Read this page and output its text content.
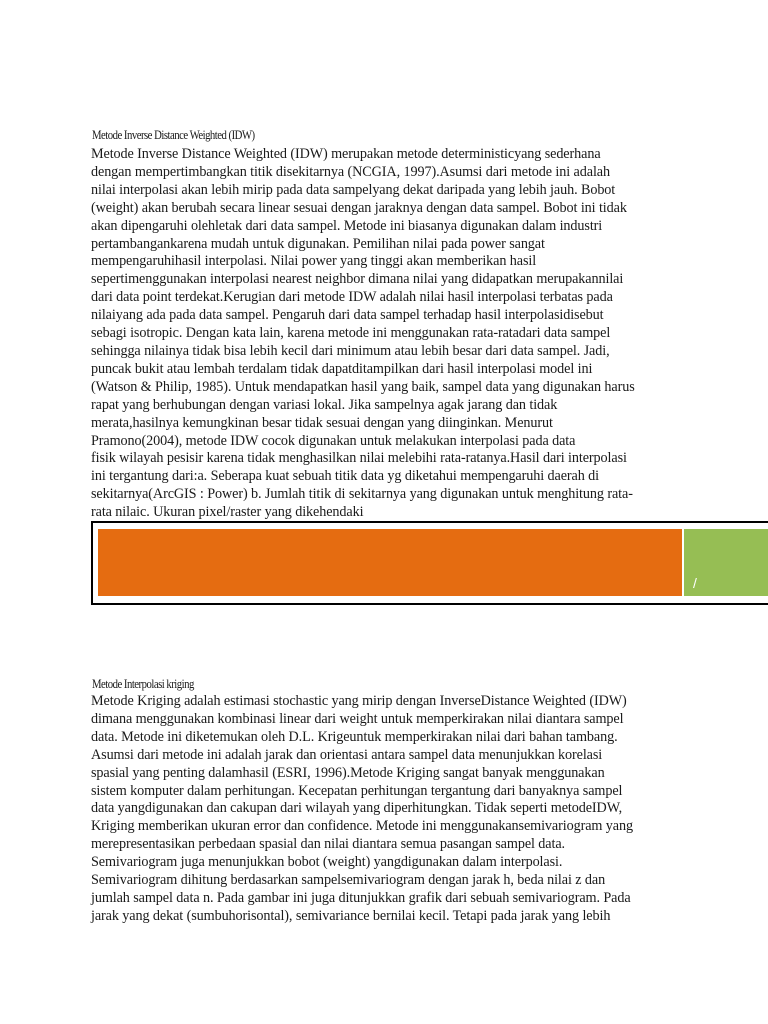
Metode Inverse Distance Weighted (IDW)
Metode Inverse Distance Weighted (IDW) merupakan metode deterministicyang sederhana
dengan mempertimbangkan titik disekitarnya (NCGIA, 1997).Asumsi dari metode ini adalah
nilai interpolasi akan lebih mirip pada data sampelyang dekat daripada yang lebih jauh. Bobot
(weight) akan berubah secara linear sesuai dengan jaraknya dengan data sampel. Bobot ini tidak
akan dipengaruhi olehletak dari data sampel. Metode ini biasanya digunakan dalam industri
pertambangankarena mudah untuk digunakan. Pemilihan nilai pada power sangat
mempengaruhihasil interpolasi. Nilai power yang tinggi akan memberikan hasil
sepertimenggunakan interpolasi nearest neighbor dimana nilai yang didapatkan merupakannilai
dari data point terdekat.Kerugian dari metode IDW adalah nilai hasil interpolasi terbatas pada
nilaiyang ada pada data sampel. Pengaruh dari data sampel terhadap hasil interpolasidisebut
sebagi isotropic. Dengan kata lain, karena metode ini menggunakan rata-ratadari data sampel
sehingga nilainya tidak bisa lebih kecil dari minimum atau lebih besar dari data sampel. Jadi,
puncak bukit atau lembah terdalam tidak dapatditampilkan dari hasil interpolasi model ini
(Watson & Philip, 1985). Untuk mendapatkan hasil yang baik, sampel data yang digunakan harus
rapat yang berhubungan dengan variasi lokal. Jika sampelnya agak jarang dan tidak
merata,hasilnya kemungkinan besar tidak sesuai dengan yang diinginkan. Menurut
Pramono(2004), metode IDW cocok digunakan untuk melakukan interpolasi pada data
fisik wilayah pesisir karena tidak menghasilkan nilai melebihi rata-ratanya.Hasil dari interpolasi
ini tergantung dari:a. Seberapa kuat sebuah titik data yg diketahui mempengaruhi daerah di
sekitarnya(ArcGIS : Power) b. Jumlah titik di sekitarnya yang digunakan untuk menghitung rata-
rata nilaic. Ukuran pixel/raster yang dikehendaki
/
Metode Interpolasi kriging
Metode Kriging adalah estimasi stochastic yang mirip dengan InverseDistance Weighted (IDW)
dimana menggunakan kombinasi linear dari weight untuk memperkirakan nilai diantara sampel
data. Metode ini diketemukan oleh D.L. Krigeuntuk memperkirakan nilai dari bahan tambang.
Asumsi dari metode ini adalah jarak dan orientasi antara sampel data menunjukkan korelasi
spasial yang penting dalamhasil (ESRI, 1996).Metode Kriging sangat banyak menggunakan
sistem komputer dalam perhitungan. Kecepatan perhitungan tergantung dari banyaknya sampel
data yangdigunakan dan cakupan dari wilayah yang diperhitungkan. Tidak seperti metodeIDW,
Kriging memberikan ukuran error dan confidence. Metode ini menggunakansemivariogram yang
merepresentasikan perbedaan spasial dan nilai diantara semua pasangan sampel data.
Semivariogram juga menunjukkan bobot (weight) yangdigunakan dalam interpolasi.
Semivariogram dihitung berdasarkan sampelsemivariogram dengan jarak h, beda nilai z dan
jumlah sampel data n. Pada gambar ini juga ditunjukkan grafik dari sebuah semivariogram. Pada
jarak yang dekat (sumbuhorisontal), semivariance bernilai kecil. Tetapi pada jarak yang lebih
